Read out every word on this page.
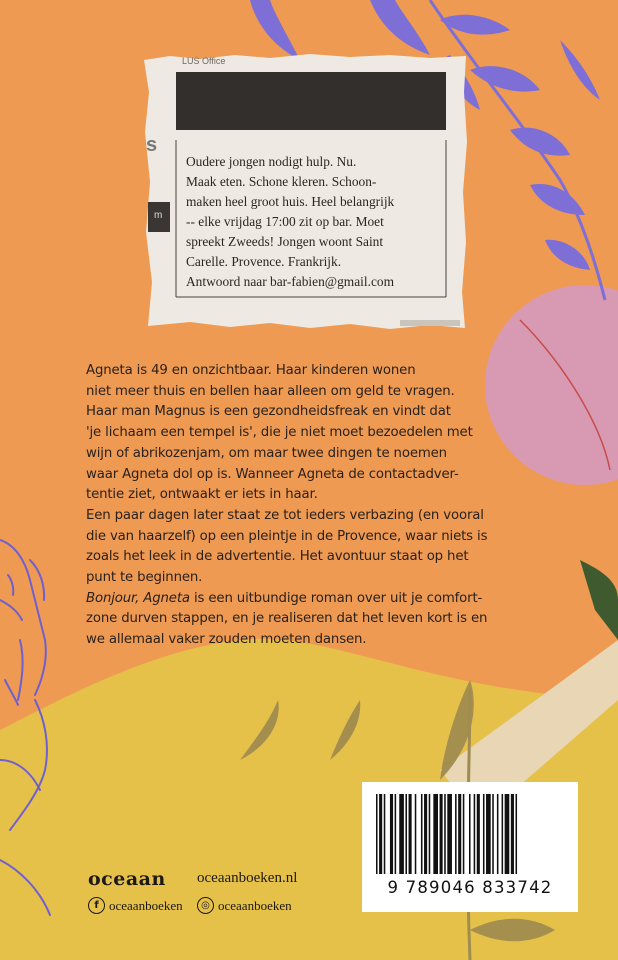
LUS Office

s

m

Oudere jongen nodigt hulp. Nu.
Maak eten. Schone kleren. Schoon-
maken heel groot huis. Heel belangrijk
-- elke vrijdag 17:00 zit op bar. Moet
spreekt Zweeds! Jongen woont Saint
Carelle. Provence. Frankrijk.
Antwoord naar bar-fabien@gmail.com

Agneta is 49 en onzichtbaar. Haar kinderen wonen
niet meer thuis en bellen haar alleen om geld te vragen.
Haar man Magnus is een gezondheidsfreak en vindt dat
'je lichaam een tempel is', die je niet moet bezoedelen met
wijn of abrikozenjam, om maar twee dingen te noemen
waar Agneta dol op is. Wanneer Agneta de contactadver-
tentie ziet, ontwaakt er iets in haar.

Een paar dagen later staat ze tot ieders verbazing (en vooral
die van haarzelf) op een pleintje in de Provence, waar niets is
zoals het leek in de advertentie. Het avontuur staat op het
punt te beginnen.

Bonjour, Agneta is een uitbundige roman over uit je comfort-
zone durven stappen, en je realiseren dat het leven kort is en
we allemaal vaker zouden moeten dansen.

9 789046 833742
oceaan oceaanboeken.nl
f oceaanboeken	◎ oceaanboeken
